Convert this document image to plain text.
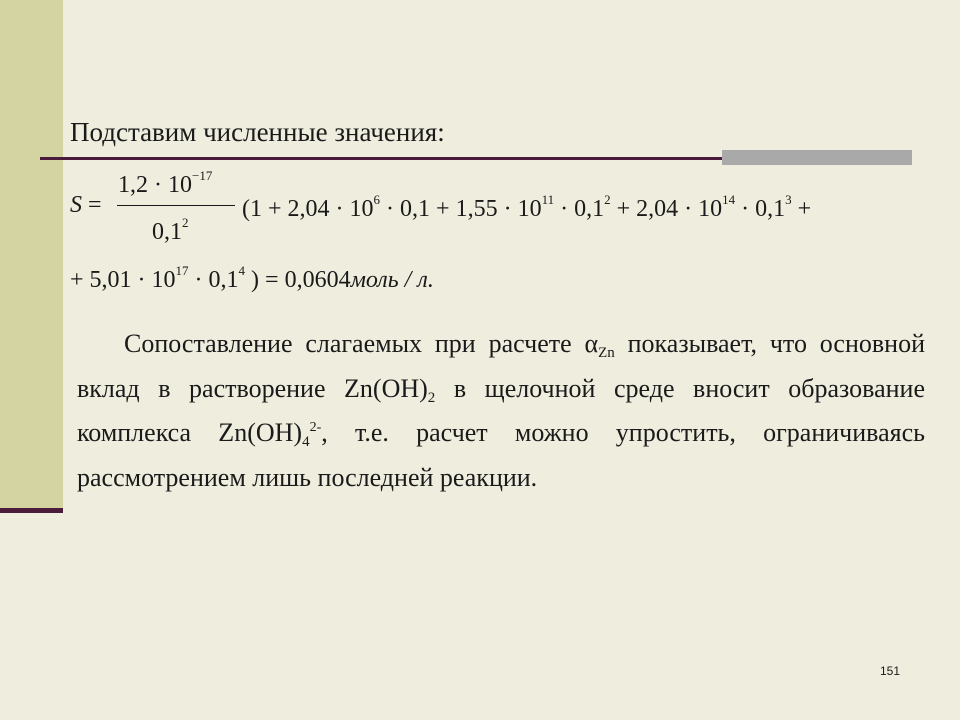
Подставим численные значения:
S =
$1,2 \cdot 10^{-17}$
$0,1^2$
($1 + 2,04 \cdot 10^6 \cdot 0,1 + 1,55 \cdot 10^{11} \cdot 0,1^2 + 2,04 \cdot 10^{14} \cdot 0,1^3$ +
+ $5,01 \cdot 10^{17} \cdot 0,1^4$ ) = 0,0604моль / л.
Сопоставление слагаемых при расчете $\alpha_{Zn}$ показывает, что основной вклад в растворение $Zn(OH)_2$ в щелочной среде вносит образование комплекса $Zn(OH)_4^{2-}$, т.е. расчет можно упростить, ограничиваясь рассмотрением лишь последней реакции.
151
